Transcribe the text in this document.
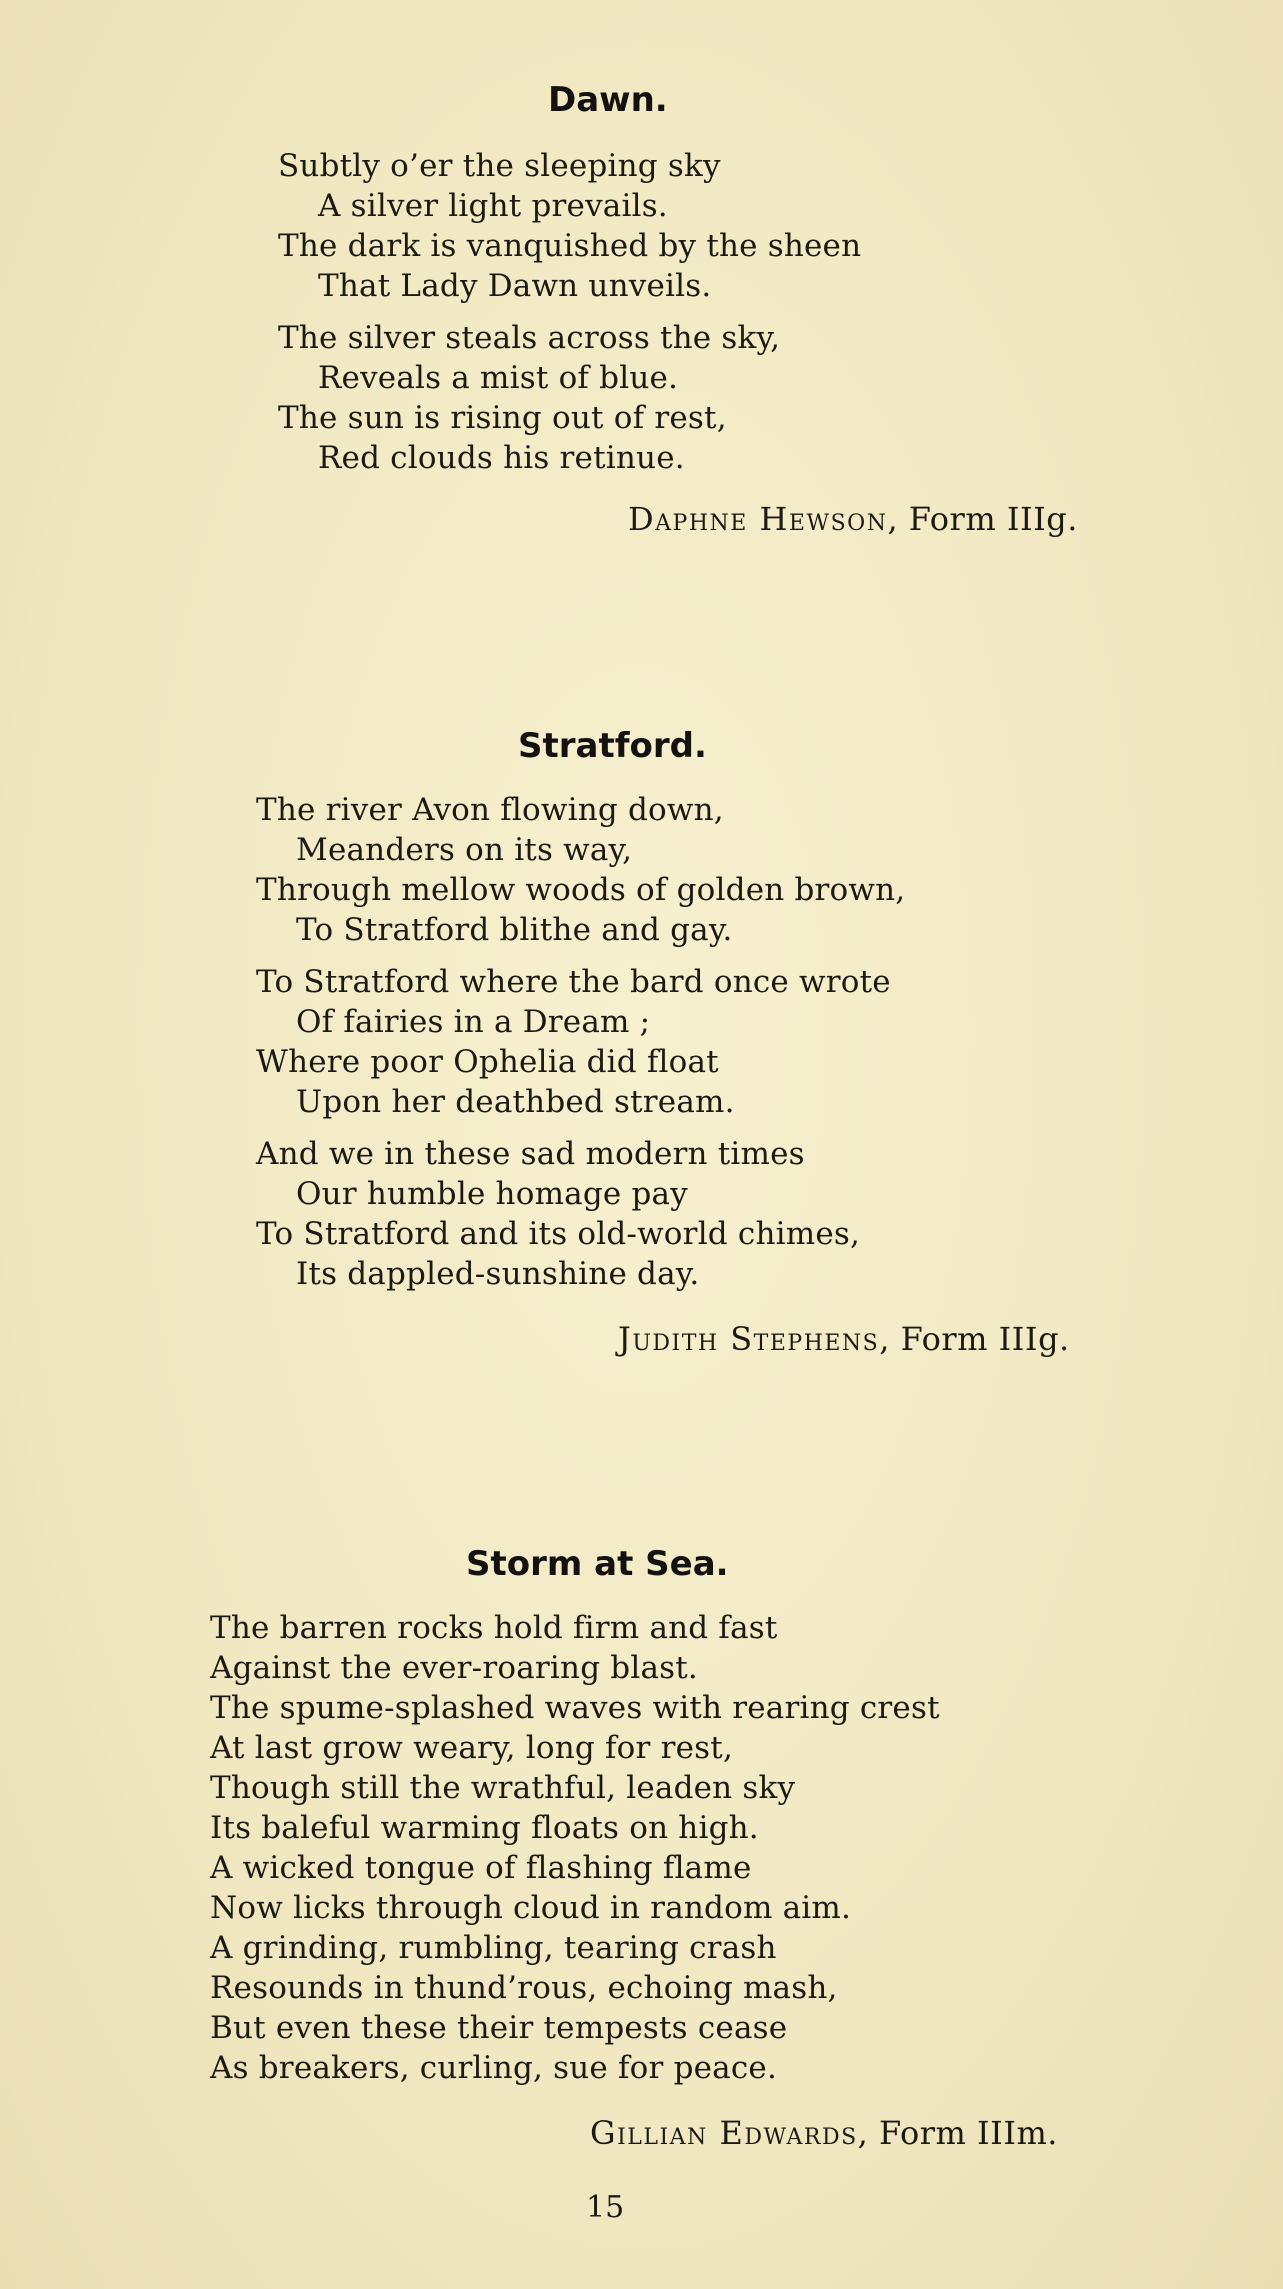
Dawn.
Subtly o’er the sleeping sky
A silver light prevails.
The dark is vanquished by the sheen
That Lady Dawn unveils.
The silver steals across the sky,
Reveals a mist of blue.
The sun is rising out of rest,
Red clouds his retinue.
Daphne Hewson, Form IIIg.
Stratford.
The river Avon flowing down,
Meanders on its way,
Through mellow woods of golden brown,
To Stratford blithe and gay.
To Stratford where the bard once wrote
Of fairies in a Dream ;
Where poor Ophelia did float
Upon her deathbed stream.
And we in these sad modern times
Our humble homage pay
To Stratford and its old-world chimes,
Its dappled-sunshine day.
Judith Stephens, Form IIIg.
Storm at Sea.
The barren rocks hold firm and fast
Against the ever-roaring blast.
The spume-splashed waves with rearing crest
At last grow weary, long for rest,
Though still the wrathful, leaden sky
Its baleful warming floats on high.
A wicked tongue of flashing flame
Now licks through cloud in random aim.
A grinding, rumbling, tearing crash
Resounds in thund’rous, echoing mash,
But even these their tempests cease
As breakers, curling, sue for peace.
Gillian Edwards, Form IIIm.
15
